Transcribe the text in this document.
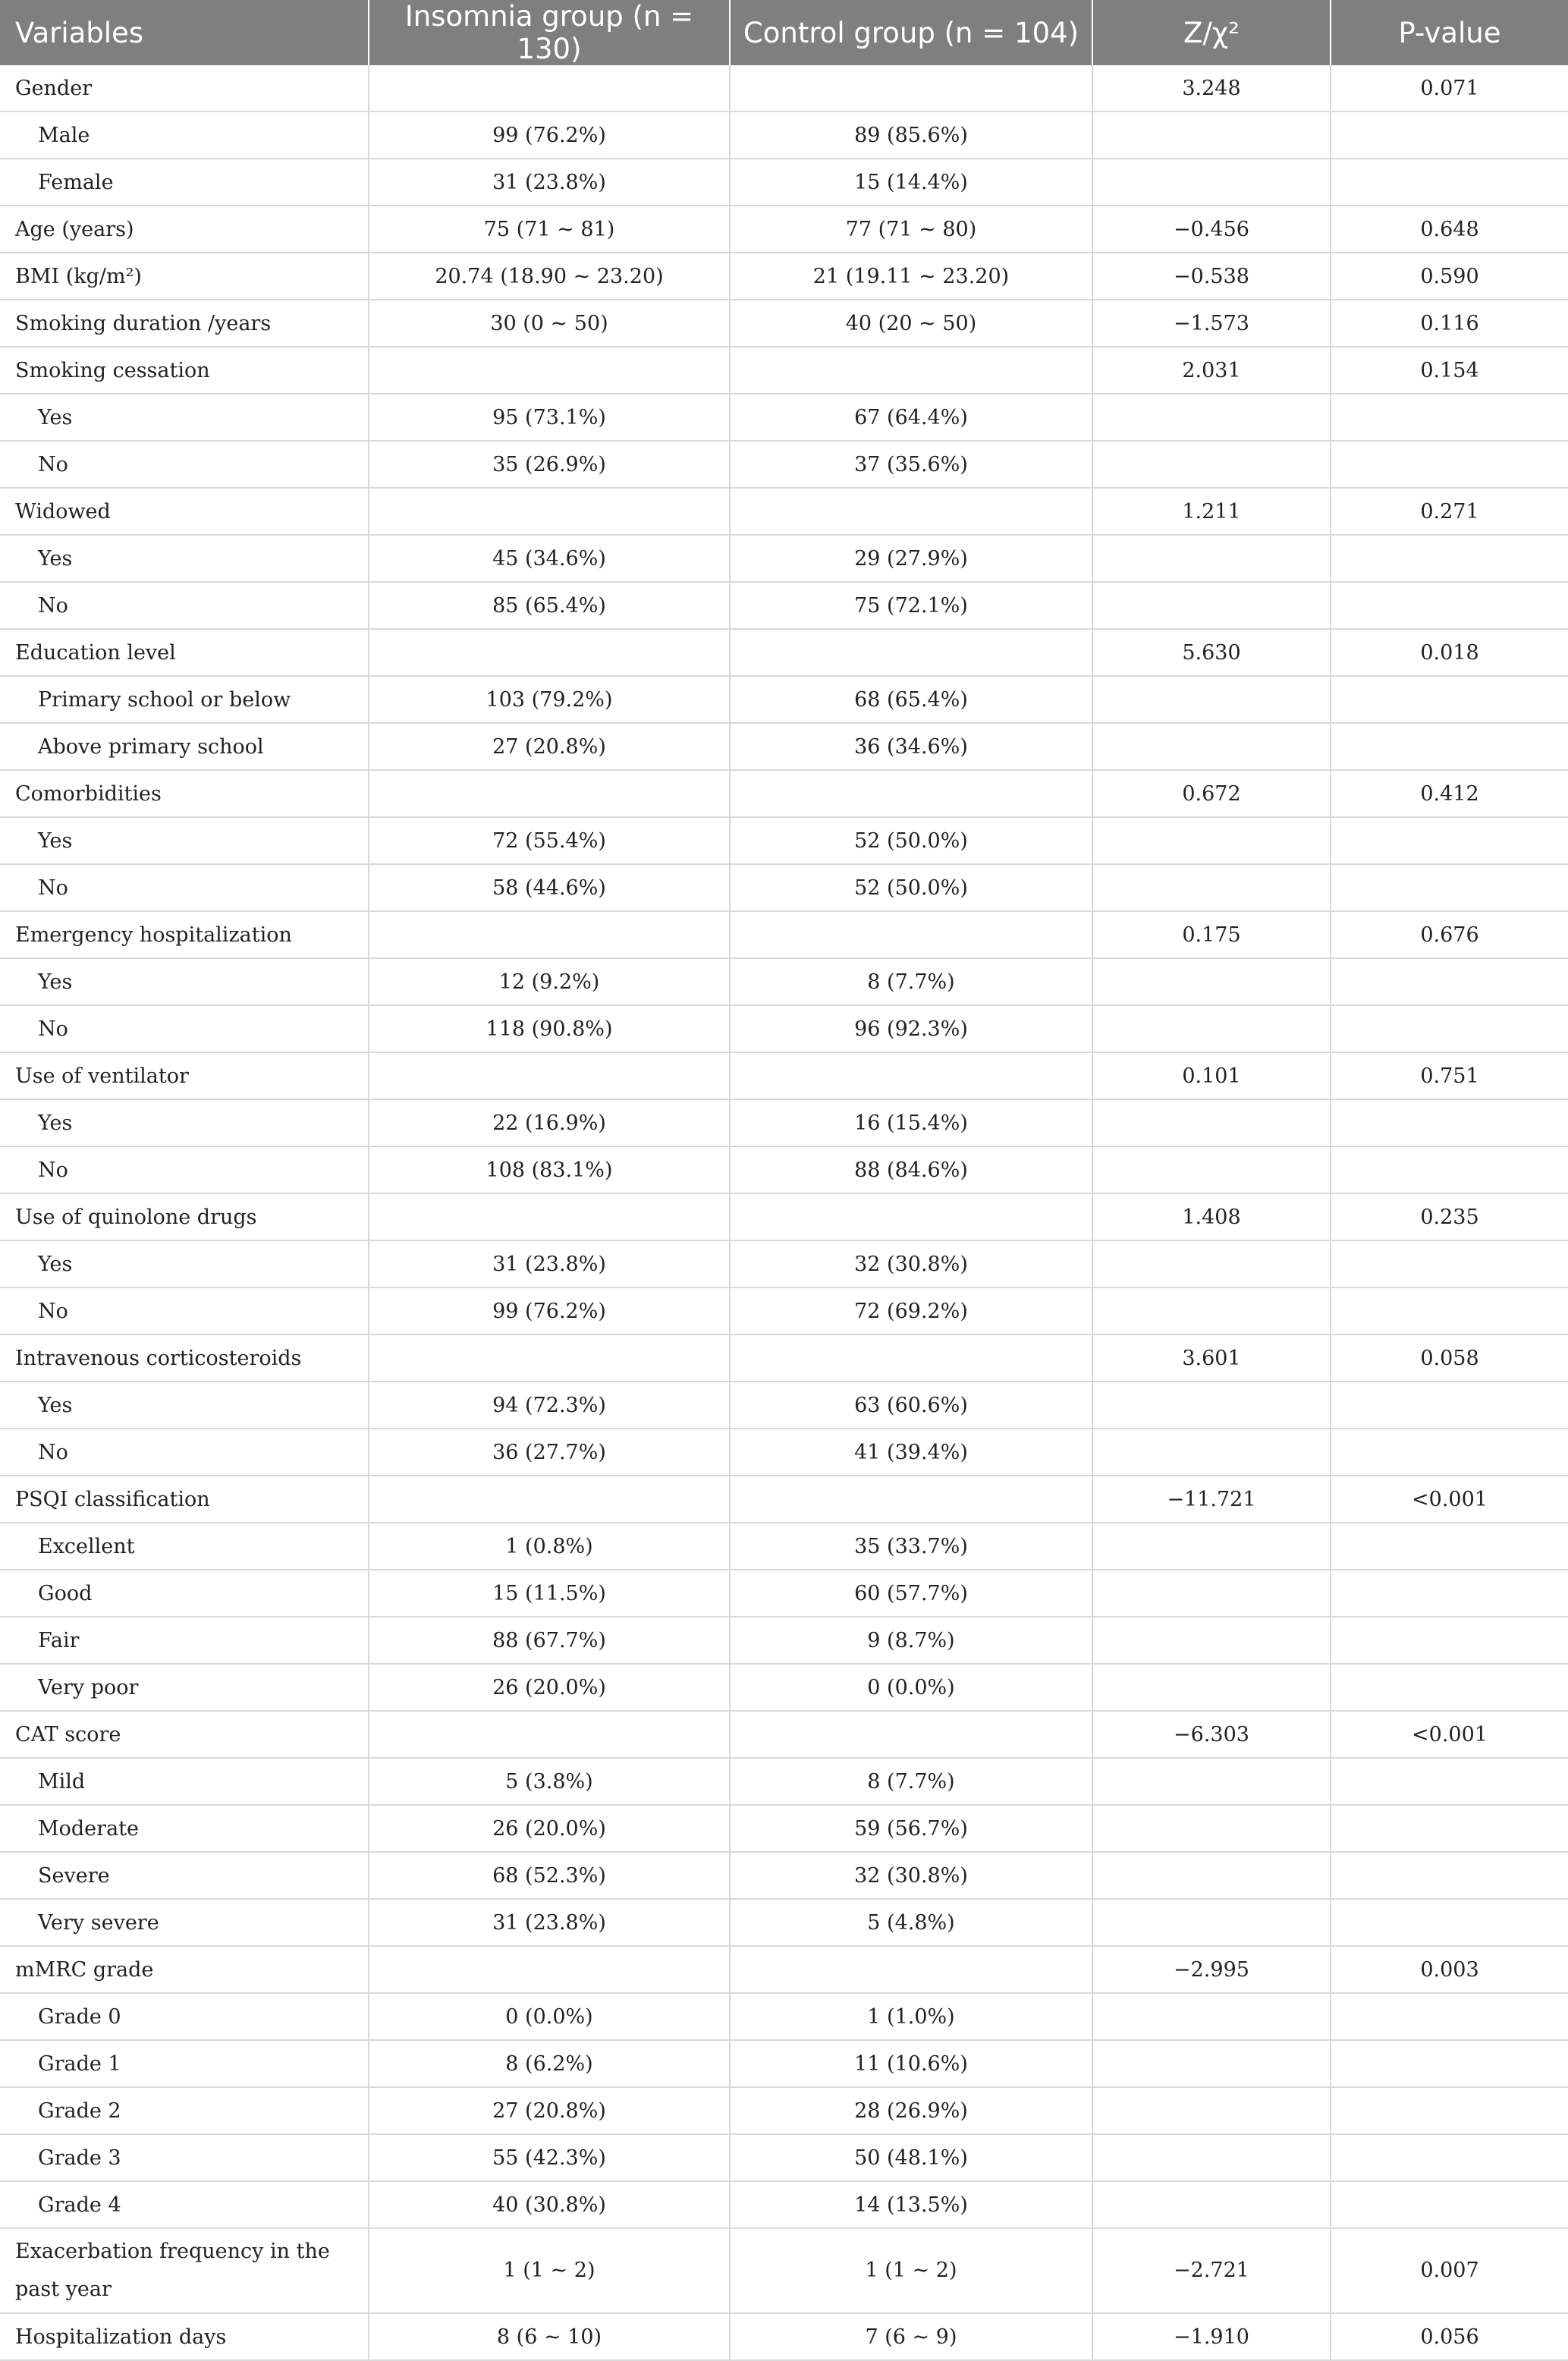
Variables	Insomnia group (n = 130)	Control group (n = 104)	Z/χ²	P-value
Gender			3.248	0.071
Male	99 (76.2%)	89 (85.6%)		
Female	31 (23.8%)	15 (14.4%)		
Age (years)	75 (71 ~ 81)	77 (71 ~ 80)	−0.456	0.648
BMI (kg/m²)	20.74 (18.90 ~ 23.20)	21 (19.11 ~ 23.20)	−0.538	0.590
Smoking duration /years	30 (0 ~ 50)	40 (20 ~ 50)	−1.573	0.116
Smoking cessation			2.031	0.154
Yes	95 (73.1%)	67 (64.4%)		
No	35 (26.9%)	37 (35.6%)		
Widowed			1.211	0.271
Yes	45 (34.6%)	29 (27.9%)		
No	85 (65.4%)	75 (72.1%)		
Education level			5.630	0.018
Primary school or below	103 (79.2%)	68 (65.4%)		
Above primary school	27 (20.8%)	36 (34.6%)		
Comorbidities			0.672	0.412
Yes	72 (55.4%)	52 (50.0%)		
No	58 (44.6%)	52 (50.0%)		
Emergency hospitalization			0.175	0.676
Yes	12 (9.2%)	8 (7.7%)		
No	118 (90.8%)	96 (92.3%)		
Use of ventilator			0.101	0.751
Yes	22 (16.9%)	16 (15.4%)		
No	108 (83.1%)	88 (84.6%)		
Use of quinolone drugs			1.408	0.235
Yes	31 (23.8%)	32 (30.8%)		
No	99 (76.2%)	72 (69.2%)		
Intravenous corticosteroids			3.601	0.058
Yes	94 (72.3%)	63 (60.6%)		
No	36 (27.7%)	41 (39.4%)		
PSQI classification			−11.721	<0.001
Excellent	1 (0.8%)	35 (33.7%)		
Good	15 (11.5%)	60 (57.7%)		
Fair	88 (67.7%)	9 (8.7%)		
Very poor	26 (20.0%)	0 (0.0%)		
CAT score			−6.303	<0.001
Mild	5 (3.8%)	8 (7.7%)		
Moderate	26 (20.0%)	59 (56.7%)		
Severe	68 (52.3%)	32 (30.8%)		
Very severe	31 (23.8%)	5 (4.8%)		
mMRC grade			−2.995	0.003
Grade 0	0 (0.0%)	1 (1.0%)		
Grade 1	8 (6.2%)	11 (10.6%)		
Grade 2	27 (20.8%)	28 (26.9%)		
Grade 3	55 (42.3%)	50 (48.1%)		
Grade 4	40 (30.8%)	14 (13.5%)		
Exacerbation frequency in the past year	1 (1 ~ 2)	1 (1 ~ 2)	−2.721	0.007
Hospitalization days	8 (6 ~ 10)	7 (6 ~ 9)	−1.910	0.056
